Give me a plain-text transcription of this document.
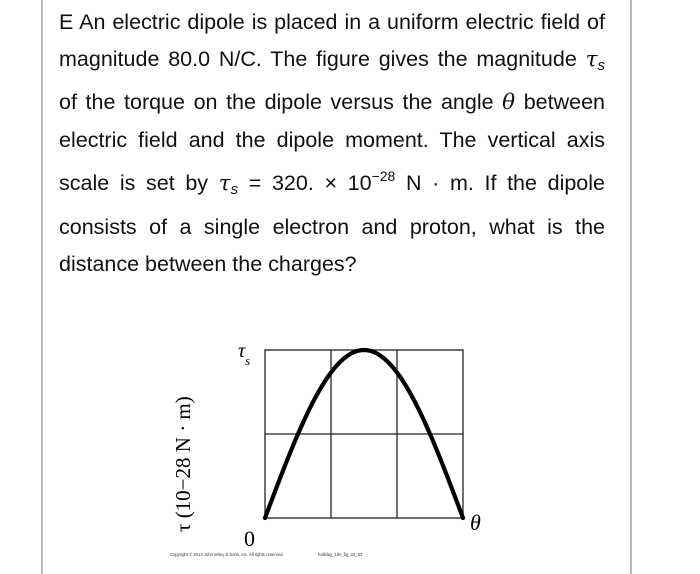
E An electric dipole is placed in a uniform electric field of magnitude 80.0 N/C. The figure gives the magnitude $\tau_s$ of the torque on the dipole versus the angle θ between electric field and the dipole moment. The vertical axis scale is set by $\tau_s = 320$. × $10^{-28}$ N · m. If the dipole consists of a single electron and proton, what is the distance between the charges?
τ (10−28 N · m)
$\tau_s$
0
θ
Copyright © 2014 John Wiley & Sons, Inc. All rights reserved.	halliday_10e_fig_22_63
